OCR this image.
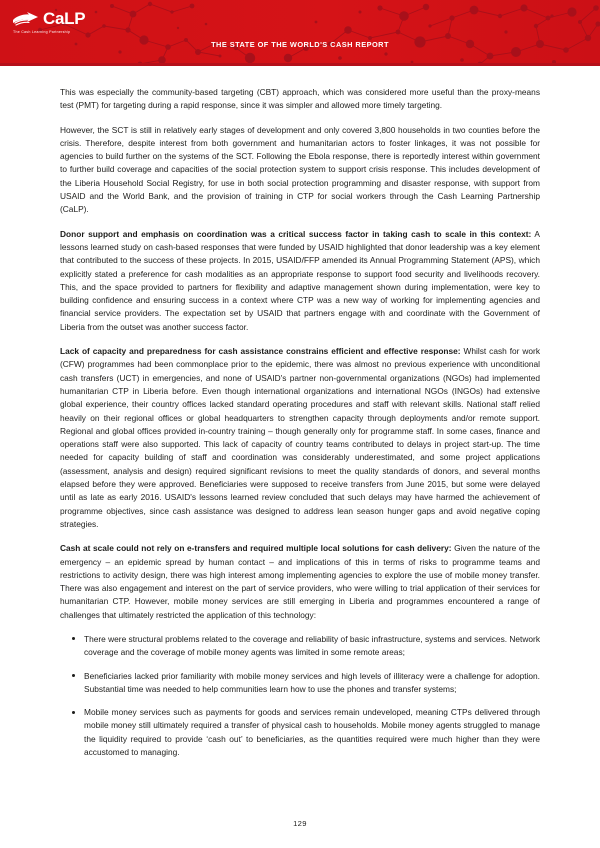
CaLP
The Cash Learning Partnership
THE STATE OF THE WORLD'S CASH REPORT

This was especially the community-based targeting (CBT) approach, which was considered more useful than the proxy-means test (PMT) for targeting during a rapid response, since it was simpler and allowed more timely targeting.

However, the SCT is still in relatively early stages of development and only covered 3,800 households in two counties before the crisis. Therefore, despite interest from both government and humanitarian actors to foster linkages, it was not possible for agencies to build further on the systems of the SCT. Following the Ebola response, there is reportedly interest within government to further build coverage and capacities of the social protection system to support crisis response. This includes development of the Liberia Household Social Registry, for use in both social protection programming and disaster response, with support from USAID and the World Bank, and the provision of training in CTP for social workers through the Cash Learning Partnership (CaLP).

Donor support and emphasis on coordination was a critical success factor in taking cash to scale in this context: A lessons learned study on cash-based responses that were funded by USAID highlighted that donor leadership was a key element that contributed to the success of these projects. In 2015, USAID/FFP amended its Annual Programming Statement (APS), which explicitly stated a preference for cash modalities as an appropriate response to support food security and livelihoods recovery. This, and the space provided to partners for flexibility and adaptive management shown during implementation, were key to building confidence and ensuring success in a context where CTP was a new way of working for implementing agencies and financial service providers. The expectation set by USAID that partners engage with and coordinate with the Government of Liberia from the outset was another success factor.

Lack of capacity and preparedness for cash assistance constrains efficient and effective response: Whilst cash for work (CFW) programmes had been commonplace prior to the epidemic, there was almost no previous experience with unconditional cash transfers (UCT) in emergencies, and none of USAID's partner non-governmental organizations (NGOs) had implemented humanitarian CTP in Liberia before. Even though international organizations and international NGOs (INGOs) had extensive global experience, their country offices lacked standard operating procedures and staff with relevant skills. National staff relied heavily on their regional offices or global headquarters to strengthen capacity through deployments and/or remote support. Regional and global offices provided in-country training – though generally only for programme staff. In some cases, finance and operations staff were also supported. This lack of capacity of country teams contributed to delays in project start-up. The time needed for capacity building of staff and coordination was considerably underestimated, and some project applications (assessment, analysis and design) required significant revisions to meet the quality standards of donors, and several months elapsed before they were approved. Beneficiaries were supposed to receive transfers from June 2015, but some were delayed until as late as early 2016. USAID's lessons learned review concluded that such delays may have harmed the achievement of programme objectives, since cash assistance was designed to address lean season hunger gaps and avoid negative coping strategies.

Cash at scale could not rely on e-transfers and required multiple local solutions for cash delivery: Given the nature of the emergency – an epidemic spread by human contact – and implications of this in terms of risks to programme teams and restrictions to activity design, there was high interest among implementing agencies to explore the use of mobile money transfer. There was also engagement and interest on the part of service providers, who were willing to trial application of their services for humanitarian CTP. However, mobile money services are still emerging in Liberia and programmes encountered a range of challenges that ultimately restricted the application of this technology:

There were structural problems related to the coverage and reliability of basic infrastructure, systems and services. Network coverage and the coverage of mobile money agents was limited in some remote areas;
Beneficiaries lacked prior familiarity with mobile money services and high levels of illiteracy were a challenge for adoption. Substantial time was needed to help communities learn how to use the phones and transfer systems;
Mobile money services such as payments for goods and services remain undeveloped, meaning CTPs delivered through mobile money still ultimately required a transfer of physical cash to households. Mobile money agents struggled to manage the liquidity required to provide ‘cash out’ to beneficiaries, as the quantities required were much higher than they were accustomed to managing.
129
